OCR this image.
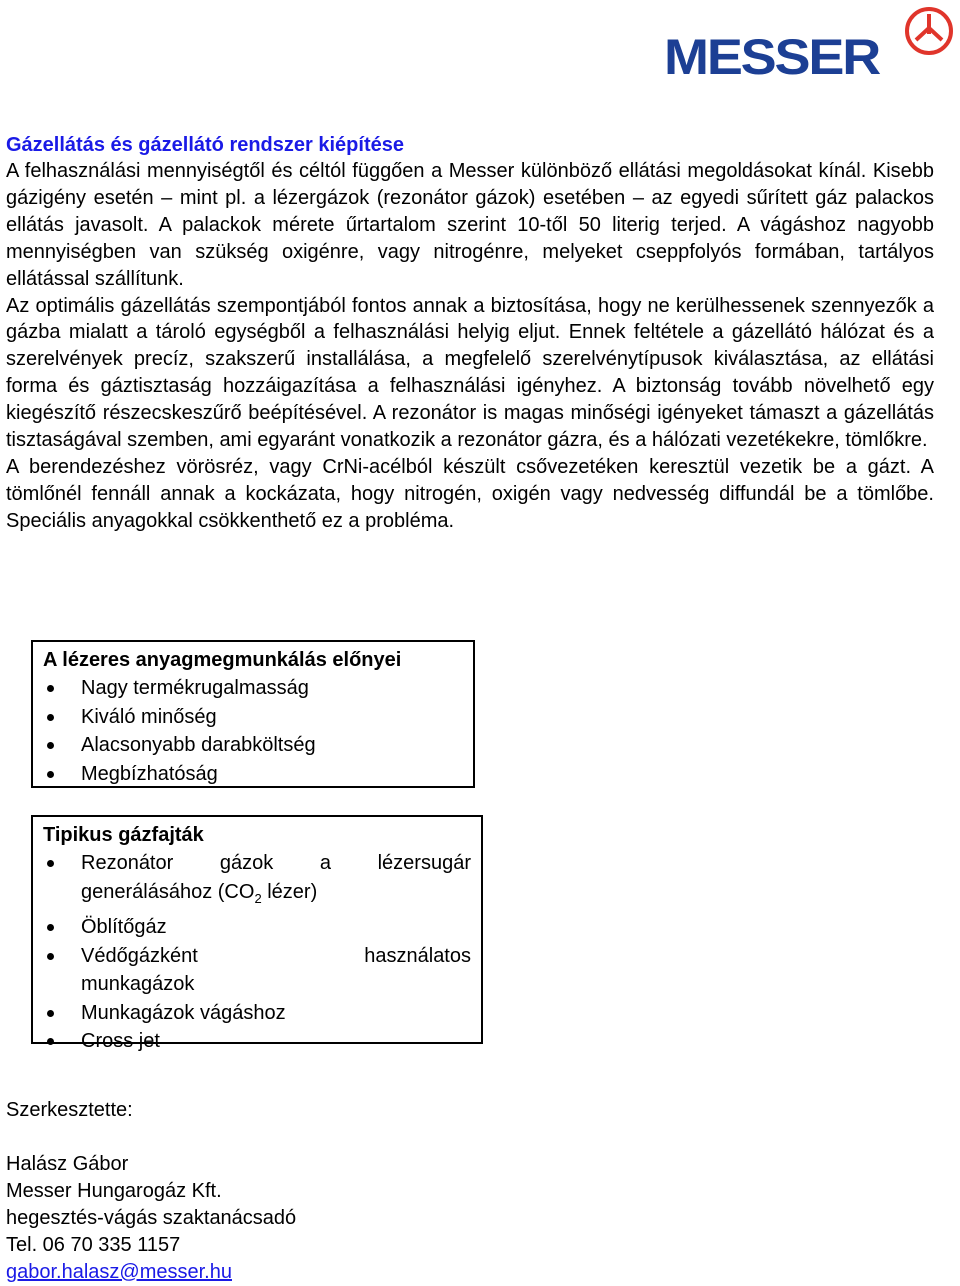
MESSER
Gázellátás és gázellátó rendszer kiépítése

A felhasználási mennyiségtől és céltól függően a Messer különböző ellátási megoldásokat kínál. Kisebb gázigény esetén – mint pl. a lézergázok (rezonátor gázok) esetében – az egyedi sűrített gáz palackos ellátás javasolt. A palackok mérete űrtartalom szerint 10-től 50 literig terjed. A vágáshoz nagyobb mennyiségben van szükség oxigénre, vagy nitrogénre, melyeket cseppfolyós formában, tartályos ellátással szállítunk.

Az optimális gázellátás szempontjából fontos annak a biztosítása, hogy ne kerülhessenek szennyezők a gázba mialatt a tároló egységből a felhasználási helyig eljut. Ennek feltétele a gázellátó hálózat és a szerelvények precíz, szakszerű installálása, a megfelelő szerelvénytípusok kiválasztása, az ellátási forma és gáztisztaság hozzáigazítása a felhasználási igényhez. A biztonság tovább növelhető egy kiegészítő részecskeszűrő beépítésével. A rezonátor is magas minőségi igényeket támaszt a gázellátás tisztaságával szemben, ami egyaránt vonatkozik a rezonátor gázra, és a hálózati vezetékekre, tömlőkre.

A berendezéshez vörösréz, vagy CrNi-acélból készült csővezetéken keresztül vezetik be a gázt. A tömlőnél fennáll annak a kockázata, hogy nitrogén, oxigén vagy nedvesség diffundál be a tömlőbe. Speciális anyagokkal csökkenthető ez a probléma.

A lézeres anyagmegmunkálás előnyei
Nagy termékrugalmasság
Kiváló minőség
Alacsonyabb darabköltség
Megbízhatóság
Tipikus gázfajták
Rezonátor gázok a lézersugár
generálásához ($CO_2$ lézer)
Öblítőgáz
Védőgázként használatos
munkagázok
Munkagázok vágáshoz
Cross jet
Szerkesztette:
Halász Gábor
Messer Hungarogáz Kft.
hegesztés-vágás szaktanácsadó
Tel. 06 70 335 1157
gabor.halasz@messer.hu
